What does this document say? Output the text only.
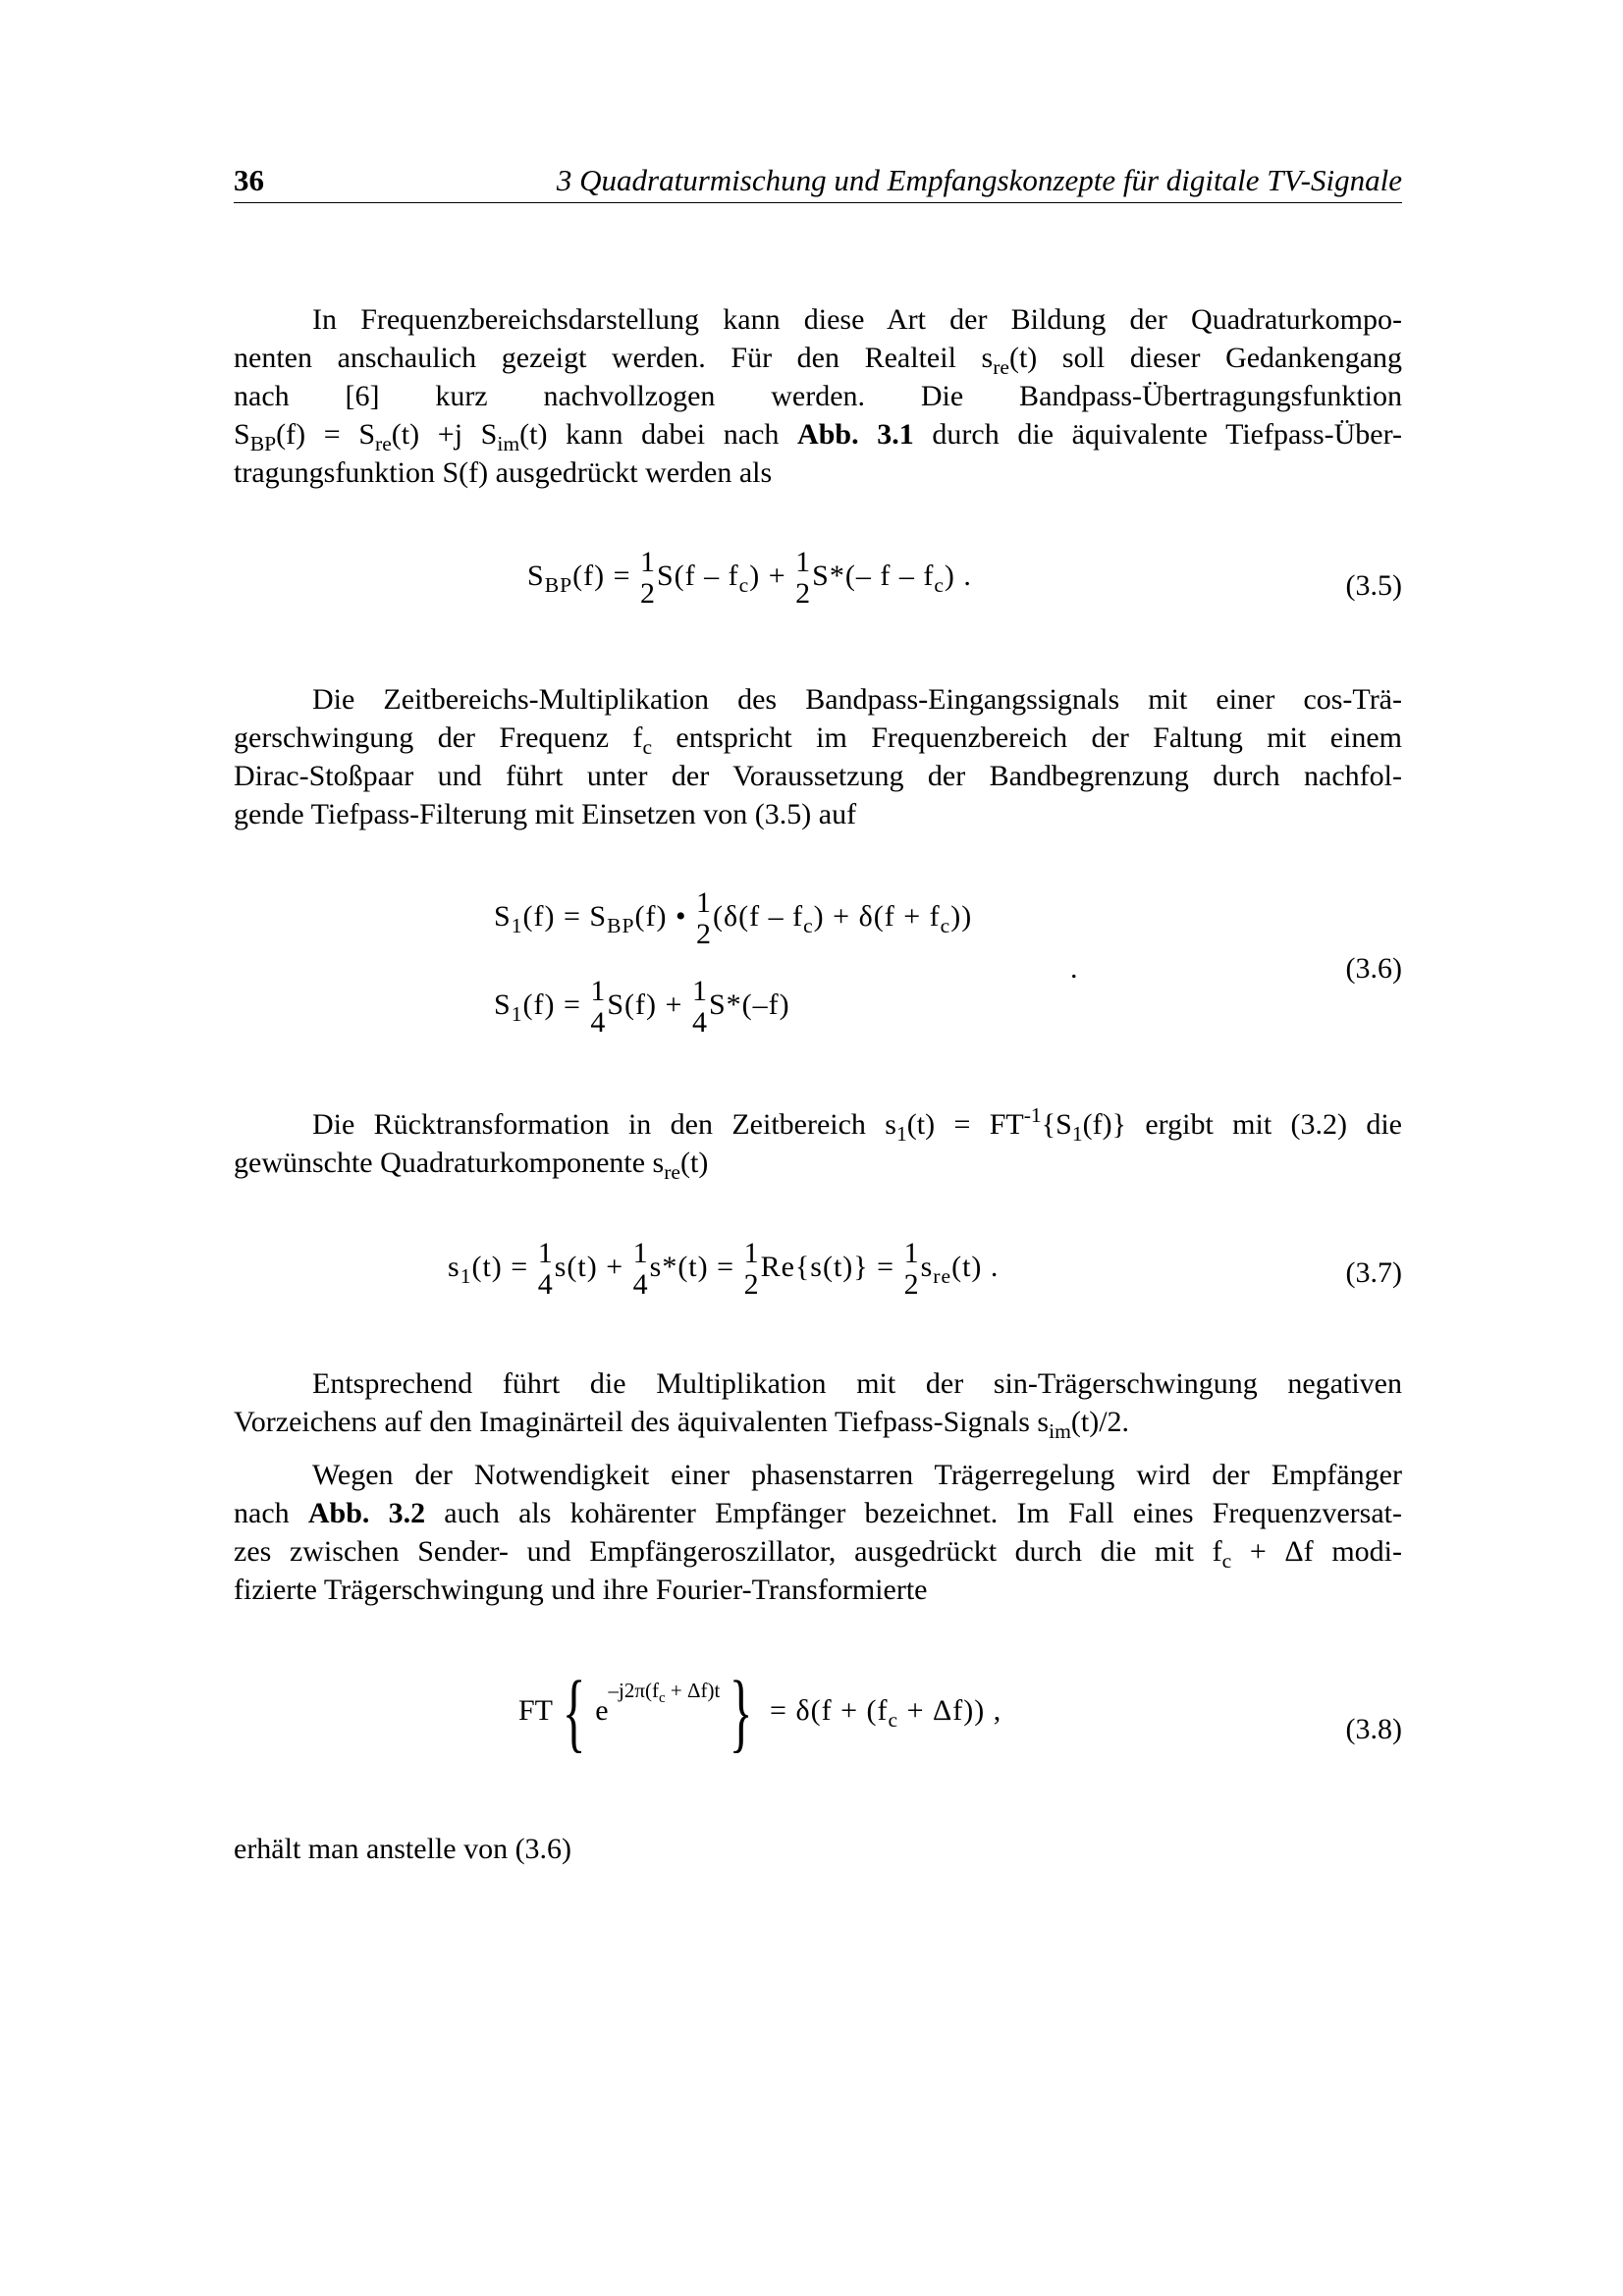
36	3 Quadraturmischung und Empfangskonzepte für digitale TV-Signale
In Frequenzbereichsdarstellung kann diese Art der Bildung der Quadraturkompo-
nenten anschaulich gezeigt werden. Für den Realteil $s_{re}(t)$ soll dieser Gedankengang
nach [6] kurz nachvollzogen werden. Die Bandpass-Übertragungsfunktion
$S_{BP}(f) = S_{re}(t) +j$ $S_{im}(t)$ kann dabei nach Abb. 3.1 durch die äquivalente Tiefpass-Über-
tragungsfunktion S(f) ausgedrückt werden als
$S_{BP}(f) = 1$
2
$S(f - f_c) + 1$
2
S*(– f – $f_c$) .	(3.5)
Die Zeitbereichs-Multiplikation des Bandpass-Eingangssignals mit einer cos-Trä-
gerschwingung der Frequenz $f_c$ entspricht im Frequenzbereich der Faltung mit einem
Dirac-Stoßpaar und führt unter der Voraussetzung der Bandbegrenzung durch nachfol-
gende Tiefpass-Filterung mit Einsetzen von (3.5) auf
$S_1(f) = S_{BP}(f)$ • 1
2
$(\delta(f - f_c) + \delta(f + f_c))$
.
$S_1(f) = 1$
4
S(f) + 1
4
S*(–f)
(3.6)
Die Rücktransformation in den Zeitbereich $s_1(t) = FT^{-1}\{S_1(f)\}$ ergibt mit (3.2) die
gewünschte Quadraturkomponente $s_{re}(t)$
$s_1(t) = 1$
4
s(t) + 1
4
s*(t) = 1
2
Re{s(t)} = 1
2
$s_{re}(t)$ .	(3.7)
Entsprechend führt die Multiplikation mit der sin-Trägerschwingung negativen
Vorzeichens auf den Imaginärteil des äquivalenten Tiefpass-Signals $s_{im}(t)/2$.
Wegen der Notwendigkeit einer phasenstarren Trägerregelung wird der Empfänger
nach Abb. 3.2 auch als kohärenter Empfänger bezeichnet. Im Fall eines Frequenzversat-
zes zwischen Sender- und Empfängeroszillator, ausgedrückt durch die mit $f_c + \Delta f$ modi-
fizierte Trägerschwingung und ihre Fourier-Transformierte
FT { $e^{-j2\pi(f_c + \Delta f)t}$ } = $\delta(f + (f_c + \Delta f))$ ,
(3.8)
erhält man anstelle von (3.6)
